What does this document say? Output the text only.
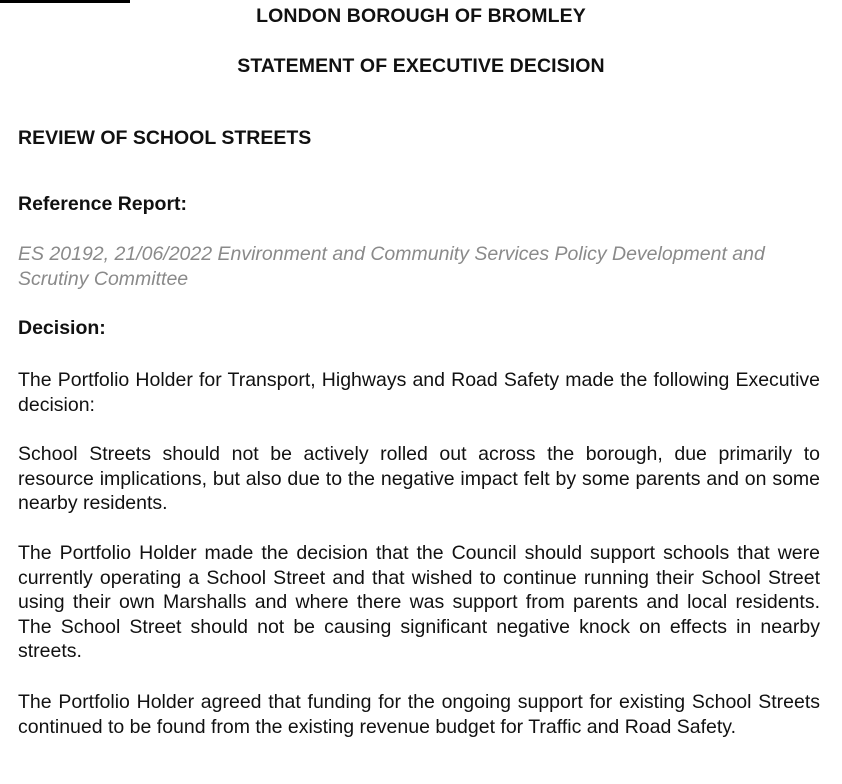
LONDON BOROUGH OF BROMLEY
STATEMENT OF EXECUTIVE DECISION
REVIEW OF SCHOOL STREETS
Reference Report:
ES 20192, 21/06/2022 Environment and Community Services Policy Development and Scrutiny Committee
Decision:
The Portfolio Holder for Transport, Highways and Road Safety made the following Executive decision:
School Streets should not be actively rolled out across the borough, due primarily to resource implications, but also due to the negative impact felt by some parents and on some nearby residents.
The Portfolio Holder made the decision that the Council should support schools that were currently operating a School Street and that wished to continue running their School Street using their own Marshalls and where there was support from parents and local residents. The School Street should not be causing significant negative knock on effects in nearby streets.
The Portfolio Holder agreed that funding for the ongoing support for existing School Streets continued to be found from the existing revenue budget for Traffic and Road Safety.
